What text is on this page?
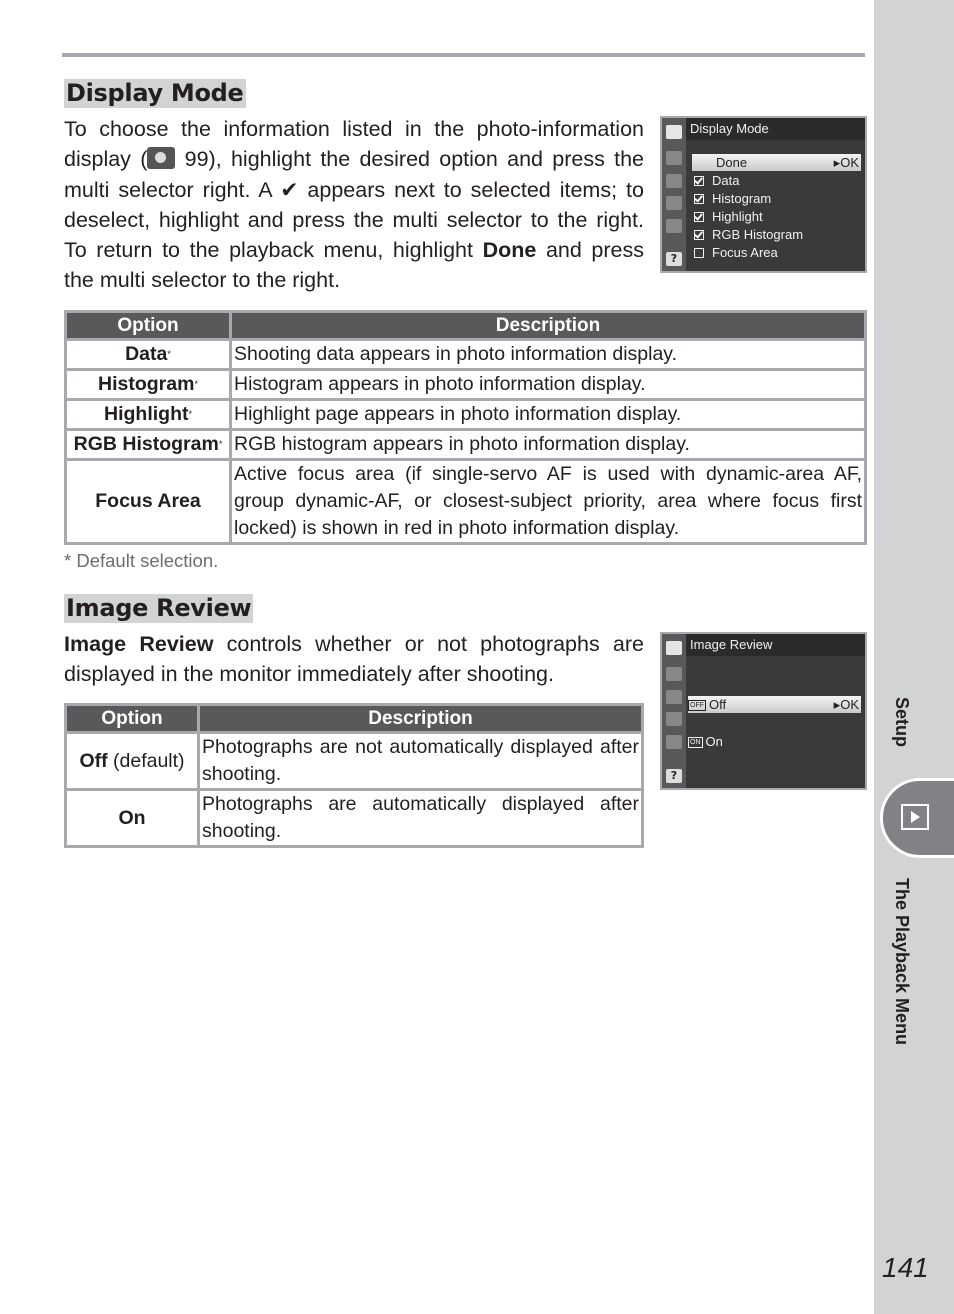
Display Mode
To choose the information listed in the photo-information display ( 99), highlight the desired option and press the multi selector right. A ✔ appears next to selected items; to deselect, highlight and press the multi selector to the right. To return to the playback menu, highlight Done and press the multi selector to the right.
?
Display Mode
Done	▸OK
Data
Histogram
Highlight
RGB Histogram
Focus Area
Option	Description
Data*	Shooting data appears in photo information display.
Histogram*	Histogram appears in photo information display.
Highlight*	Highlight page appears in photo information display.
RGB Histogram*	RGB histogram appears in photo information display.
Focus Area	Active focus area (if single-servo AF is used with dynamic-area AF, group dynamic-AF, or closest-subject priority, area where focus first locked) is shown in red in photo information display.
* Default selection.
Image Review
Image Review controls whether or not photographs are displayed in the monitor immediately after shooting.
?
Image Review
OFF Off	▸OK
ON On
Option	Description
Off (default)	Photographs are not automatically displayed after shooting.
On	Photographs are automatically displayed after shooting.
Setup
The Playback Menu
141
